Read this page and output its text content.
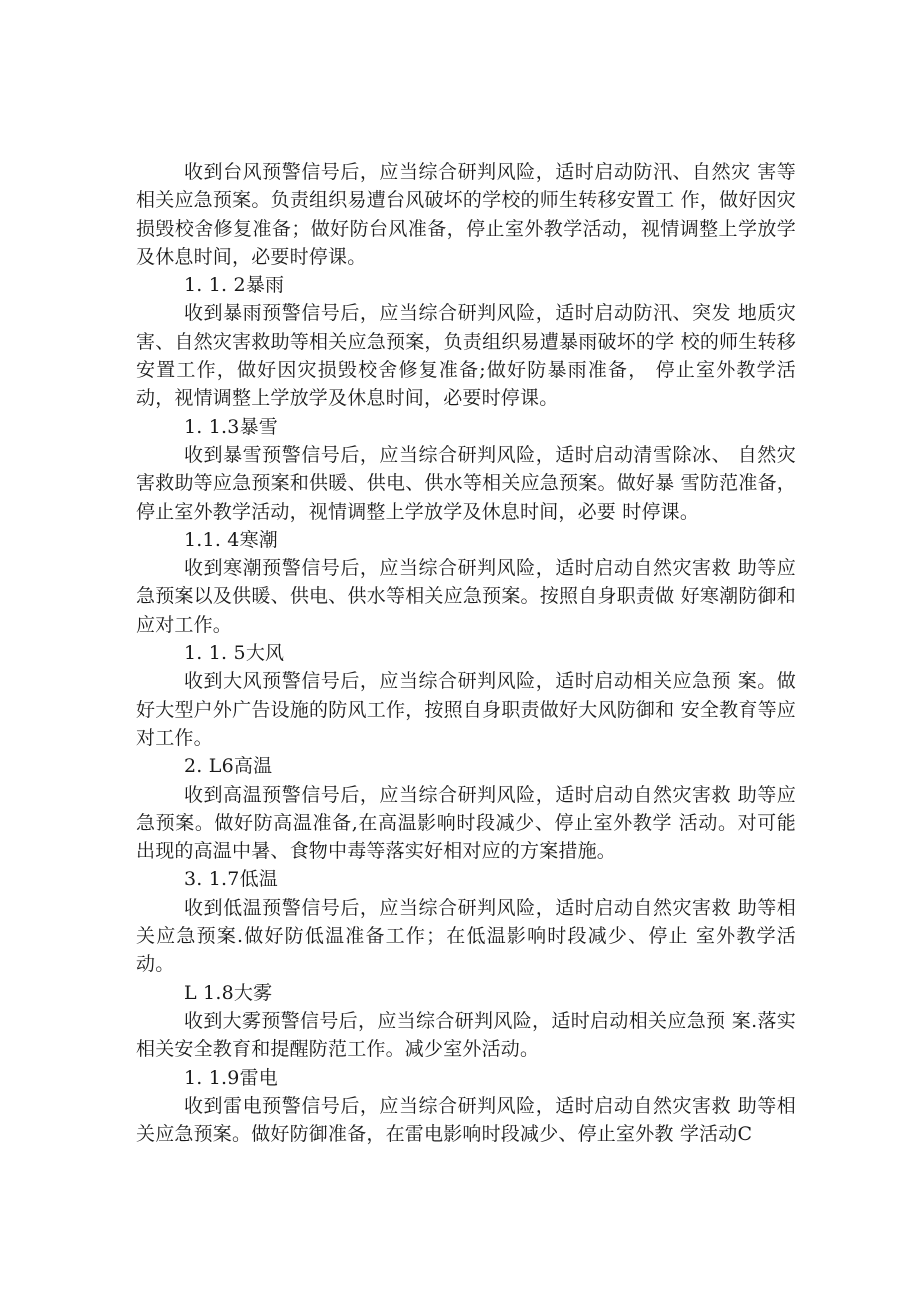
收到台风预警信号后，应当综合研判风险，适时启动防汛、自然灾 害等相关应急预案。负责组织易遭台风破坏的学校的师生转移安置工 作，做好因灾损毁校舍修复准备；做好防台风准备，停止室外教学活动，视情调整上学放学及休息时间，必要时停课。

1. 1. 2暴雨

收到暴雨预警信号后，应当综合研判风险，适时启动防汛、突发 地质灾害、自然灾害救助等相关应急预案，负责组织易遭暴雨破坏的学 校的师生转移安置工作，做好因灾损毁校舍修复准备;做好防暴雨准备， 停止室外教学活动，视情调整上学放学及休息时间，必要时停课。

1. 1.3暴雪

收到暴雪预警信号后，应当综合研判风险，适时启动清雪除冰、 自然灾害救助等应急预案和供暖、供电、供水等相关应急预案。做好暴 雪防范准备，停止室外教学活动，视情调整上学放学及休息时间，必要 时停课。

1.1. 4寒潮

收到寒潮预警信号后，应当综合研判风险，适时启动自然灾害救 助等应急预案以及供暖、供电、供水等相关应急预案。按照自身职责做 好寒潮防御和应对工作。

1. 1. 5大风

收到大风预警信号后，应当综合研判风险，适时启动相关应急预 案。做好大型户外广告设施的防风工作，按照自身职责做好大风防御和 安全教育等应对工作。

2. L6高温

收到高温预警信号后，应当综合研判风险，适时启动自然灾害救 助等应急预案。做好防高温准备,在高温影响时段减少、停止室外教学 活动。对可能出现的高温中暑、食物中毒等落实好相对应的方案措施。

3. 1.7低温

收到低温预警信号后，应当综合研判风险，适时启动自然灾害救 助等相关应急预案.做好防低温准备工作；在低温影响时段减少、停止 室外教学活动。

L 1.8大雾

收到大雾预警信号后，应当综合研判风险，适时启动相关应急预 案.落实相关安全教育和提醒防范工作。减少室外活动。

1. 1.9雷电

收到雷电预警信号后，应当综合研判风险，适时启动自然灾害救 助等相关应急预案。做好防御准备，在雷电影响时段减少、停止室外教 学活动C
